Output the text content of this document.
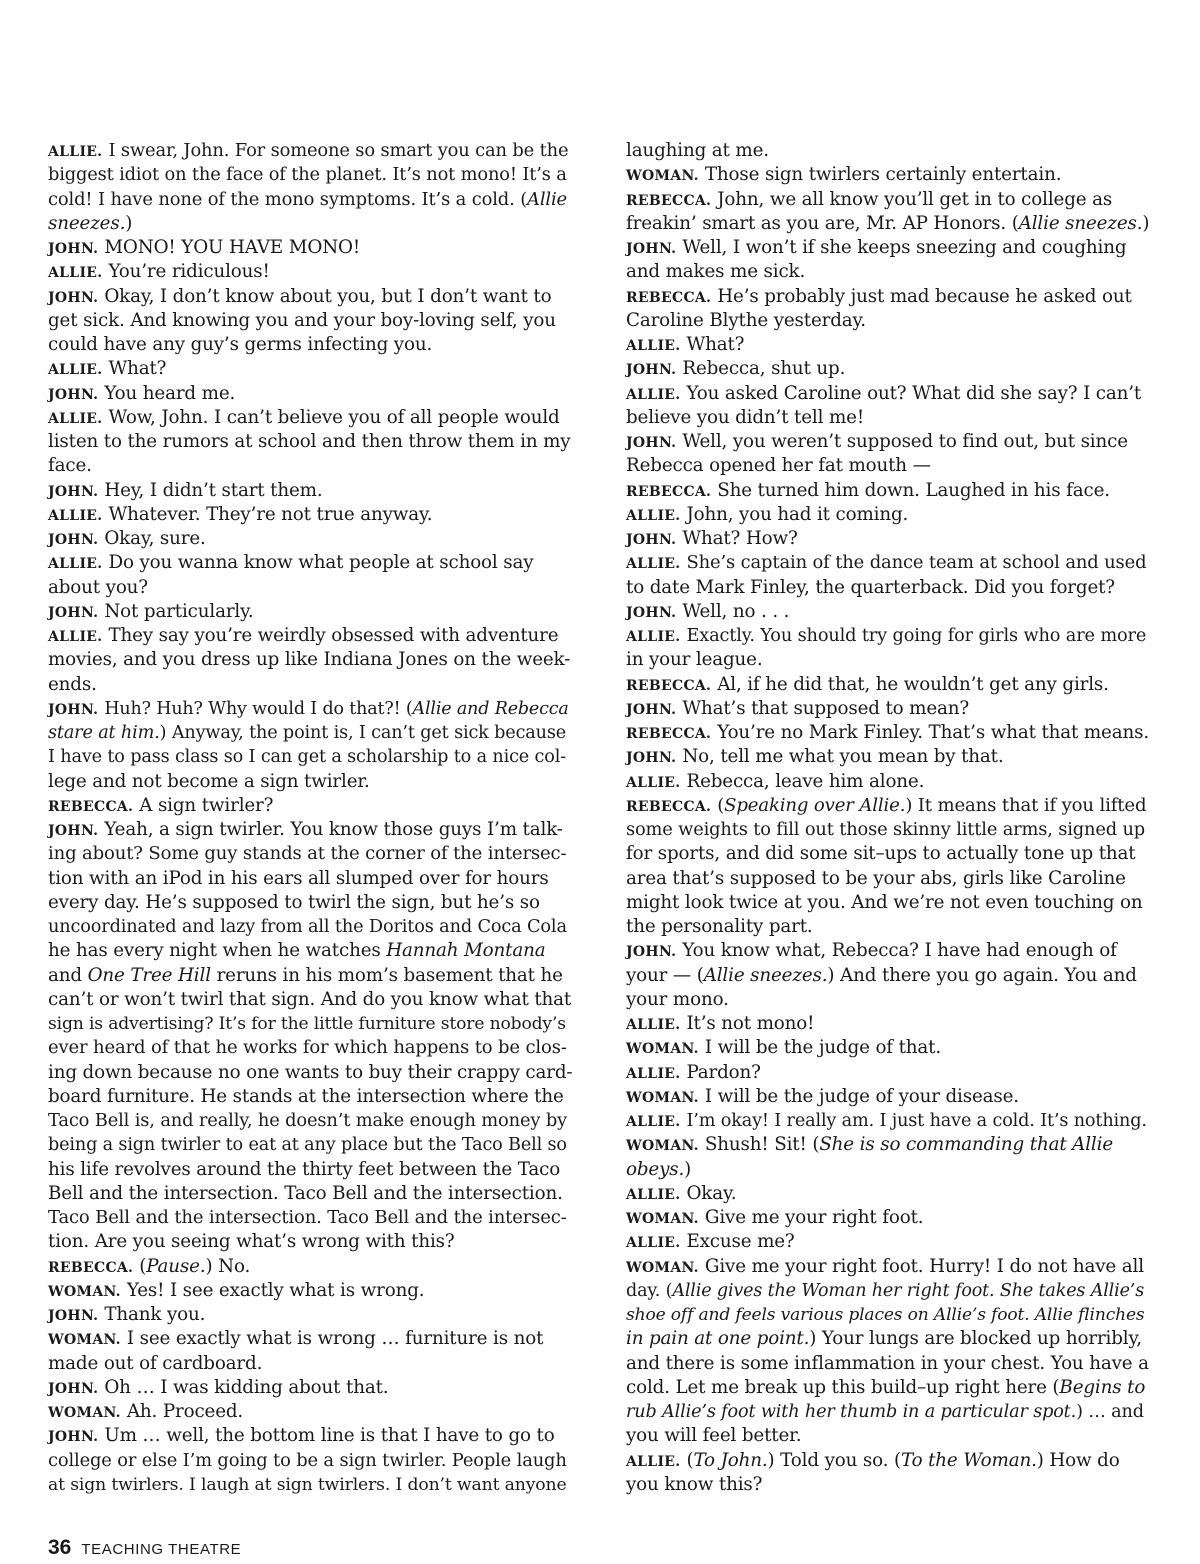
ALLIE. I swear, John. For someone so smart you can be the
biggest idiot on the face of the planet. It’s not mono! It’s a
cold! I have none of the mono symptoms. It’s a cold. (Allie
sneezes.)
JOHN. MONO! YOU HAVE MONO!
ALLIE. You’re ridiculous!
JOHN. Okay, I don’t know about you, but I don’t want to
get sick. And knowing you and your boy-loving self, you
could have any guy’s germs infecting you.
ALLIE. What?
JOHN. You heard me.
ALLIE. Wow, John. I can’t believe you of all people would
listen to the rumors at school and then throw them in my
face.
JOHN. Hey, I didn’t start them.
ALLIE. Whatever. They’re not true anyway.
JOHN. Okay, sure.
ALLIE. Do you wanna know what people at school say
about you?
JOHN. Not particularly.
ALLIE. They say you’re weirdly obsessed with adventure
movies, and you dress up like Indiana Jones on the week-
ends.
JOHN. Huh? Huh? Why would I do that?! (Allie and Rebecca
stare at him.) Anyway, the point is, I can’t get sick because
I have to pass class so I can get a scholarship to a nice col-
lege and not become a sign twirler.
REBECCA. A sign twirler?
JOHN. Yeah, a sign twirler. You know those guys I’m talk-
ing about? Some guy stands at the corner of the intersec-
tion with an iPod in his ears all slumped over for hours
every day. He’s supposed to twirl the sign, but he’s so
uncoordinated and lazy from all the Doritos and Coca Cola
he has every night when he watches Hannah Montana
and One Tree Hill reruns in his mom’s basement that he
can’t or won’t twirl that sign. And do you know what that
sign is advertising? It’s for the little furniture store nobody’s
ever heard of that he works for which happens to be clos-
ing down because no one wants to buy their crappy card-
board furniture. He stands at the intersection where the
Taco Bell is, and really, he doesn’t make enough money by
being a sign twirler to eat at any place but the Taco Bell so
his life revolves around the thirty feet between the Taco
Bell and the intersection. Taco Bell and the intersection.
Taco Bell and the intersection. Taco Bell and the intersec-
tion. Are you seeing what’s wrong with this?
REBECCA. (Pause.) No.
WOMAN. Yes! I see exactly what is wrong.
JOHN. Thank you.
WOMAN. I see exactly what is wrong … furniture is not
made out of cardboard.
JOHN. Oh … I was kidding about that.
WOMAN. Ah. Proceed.
JOHN. Um … well, the bottom line is that I have to go to
college or else I’m going to be a sign twirler. People laugh
at sign twirlers. I laugh at sign twirlers. I don’t want anyone
laughing at me.
WOMAN. Those sign twirlers certainly entertain.
REBECCA. John, we all know you’ll get in to college as
freakin’ smart as you are, Mr. AP Honors. (Allie sneezes.)
JOHN. Well, I won’t if she keeps sneezing and coughing
and makes me sick.
REBECCA. He’s probably just mad because he asked out
Caroline Blythe yesterday.
ALLIE. What?
JOHN. Rebecca, shut up.
ALLIE. You asked Caroline out? What did she say? I can’t
believe you didn’t tell me!
JOHN. Well, you weren’t supposed to find out, but since
Rebecca opened her fat mouth —
REBECCA. She turned him down. Laughed in his face.
ALLIE. John, you had it coming.
JOHN. What? How?
ALLIE. She’s captain of the dance team at school and used
to date Mark Finley, the quarterback. Did you forget?
JOHN. Well, no . . .
ALLIE. Exactly. You should try going for girls who are more
in your league.
REBECCA. Al, if he did that, he wouldn’t get any girls.
JOHN. What’s that supposed to mean?
REBECCA. You’re no Mark Finley. That’s what that means.
JOHN. No, tell me what you mean by that.
ALLIE. Rebecca, leave him alone.
REBECCA. (Speaking over Allie.) It means that if you lifted
some weights to fill out those skinny little arms, signed up
for sports, and did some sit–ups to actually tone up that
area that’s supposed to be your abs, girls like Caroline
might look twice at you. And we’re not even touching on
the personality part.
JOHN. You know what, Rebecca? I have had enough of
your — (Allie sneezes.) And there you go again. You and
your mono.
ALLIE. It’s not mono!
WOMAN. I will be the judge of that.
ALLIE. Pardon?
WOMAN. I will be the judge of your disease.
ALLIE. I’m okay! I really am. I just have a cold. It’s nothing.
WOMAN. Shush! Sit! (She is so commanding that Allie
obeys.)
ALLIE. Okay.
WOMAN. Give me your right foot.
ALLIE. Excuse me?
WOMAN. Give me your right foot. Hurry! I do not have all
day. (Allie gives the Woman her right foot. She takes Allie’s
shoe off and feels various places on Allie’s foot. Allie flinches
in pain at one point.) Your lungs are blocked up horribly,
and there is some inflammation in your chest. You have a
cold. Let me break up this build–up right here (Begins to
rub Allie’s foot with her thumb in a particular spot.) … and
you will feel better.
ALLIE. (To John.) Told you so. (To the Woman.) How do
you know this?
36 TEACHING THEATRE
